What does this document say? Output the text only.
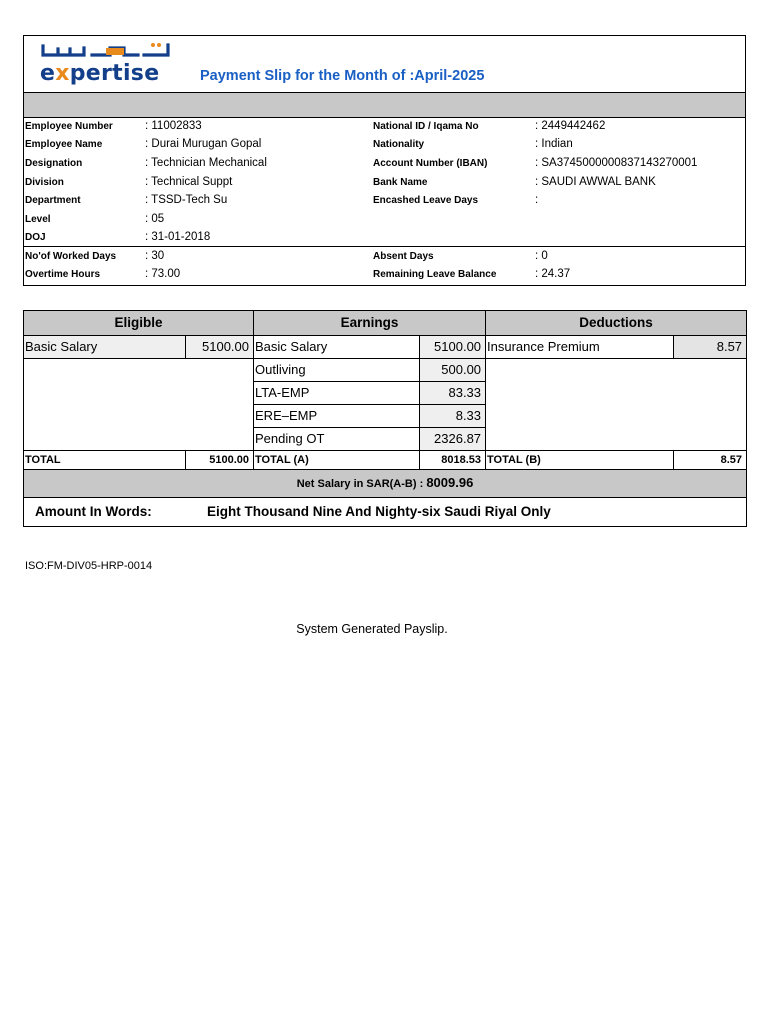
expertise	Payment Slip for the Month of :April-2025
Employee Number	: 11002833
Employee Name	: Durai Murugan Gopal
Designation	: Technician Mechanical
Division	: Technical Suppt
Department	: TSSD-Tech Su
Level	: 05
DOJ	: 31-01-2018
No'of Worked Days	: 30
Overtime Hours	: 73.00
National ID / Iqama No	: 2449442462
Nationality	: Indian
Account Number (IBAN)	: SA3745000000837143270001
Bank Name	: SAUDI AWWAL BANK
Encashed Leave Days	:
Absent Days	: 0
Remaining Leave Balance	: 24.37
Eligible		Earnings		Deductions	
Basic Salary	5100.00	Basic Salary	5100.00	Insurance Premium	8.57
		Outliving	500.00		
		LTA-EMP	83.33		
		ERE–EMP	8.33		
		Pending OT	2326.87		
TOTAL	5100.00	TOTAL (A)	8018.53	TOTAL (B)	8.57
Net Salary in SAR(A-B) : 8009.96					
Amount In Words: Eight Thousand Nine And Nighty-six Saudi Riyal Only					
ISO:FM-DIV05-HRP-0014
System Generated Payslip.
